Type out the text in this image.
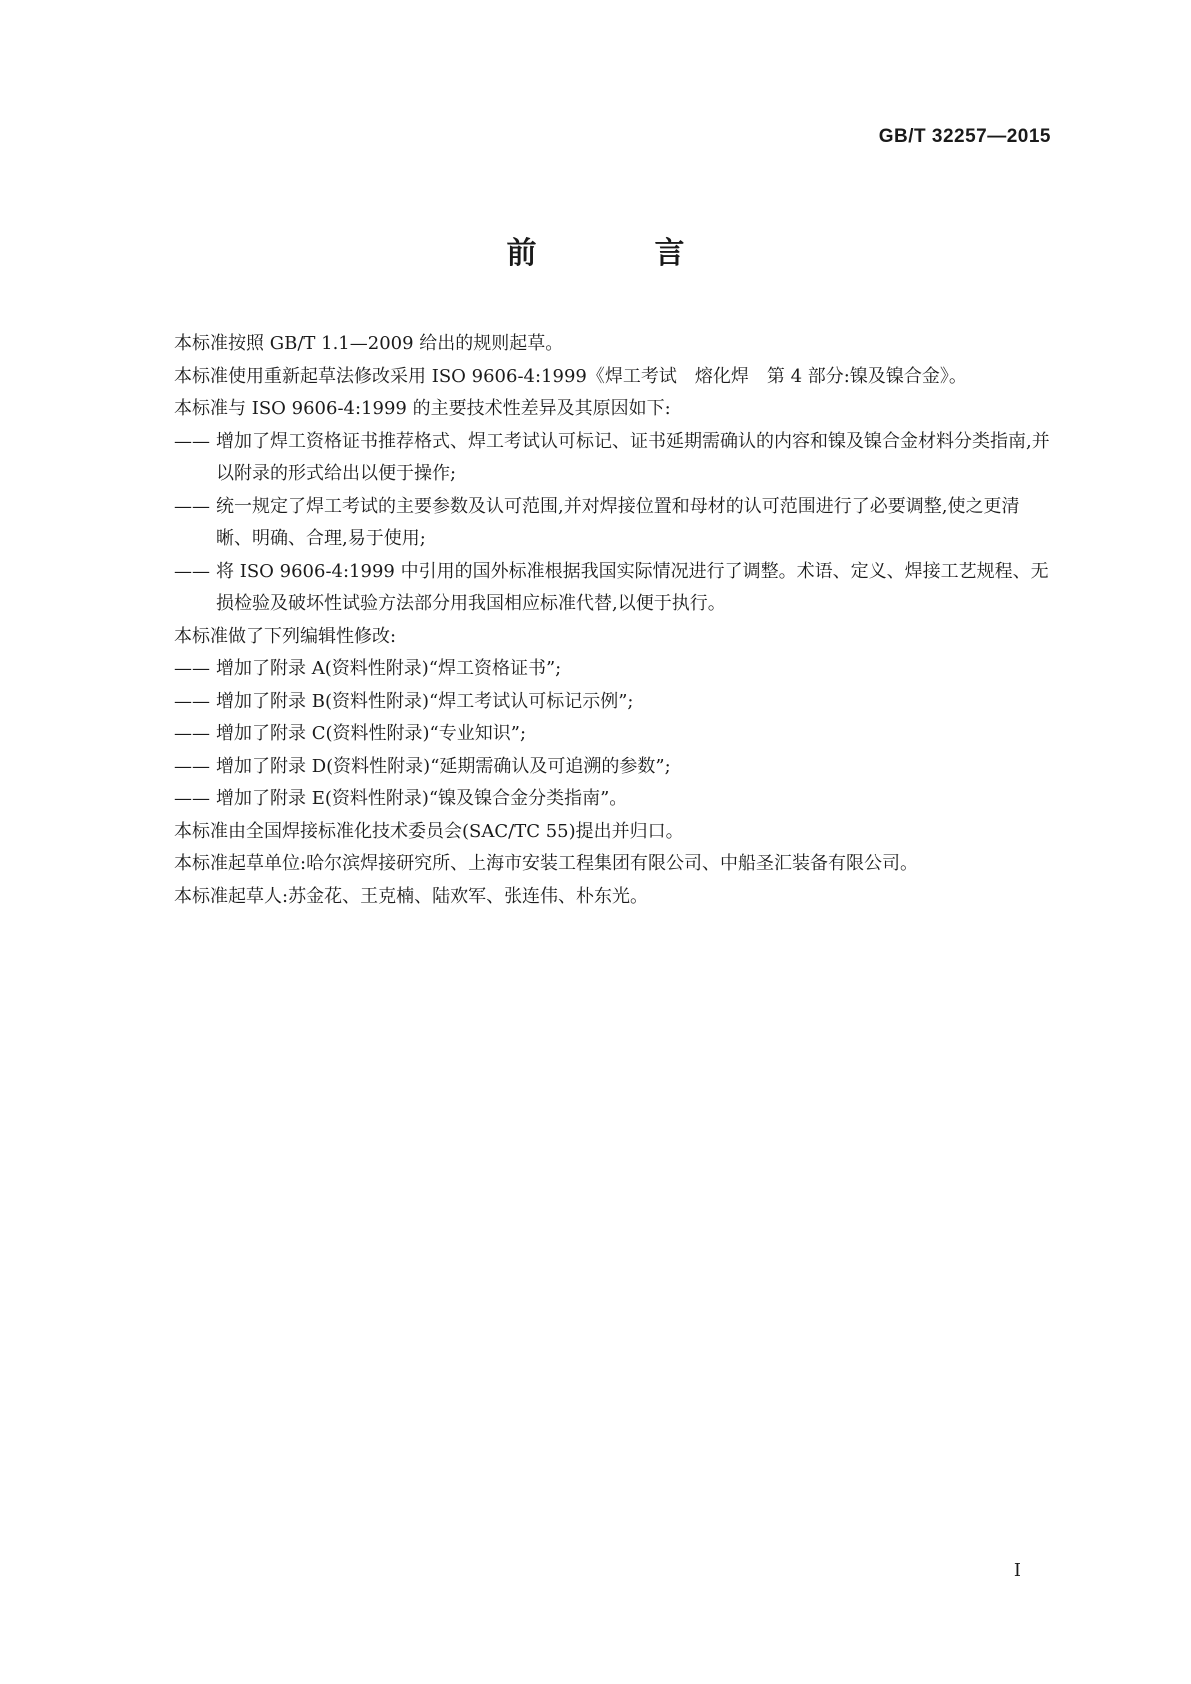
GB/T 32257—2015
前　言

本标准按照 GB/T 1.1—2009 给出的规则起草。

本标准使用重新起草法修改采用 ISO 9606-4:1999《焊工考试　熔化焊　第 4 部分:镍及镍合金》。

本标准与 ISO 9606-4:1999 的主要技术性差异及其原因如下:

—— 增加了焊工资格证书推荐格式、焊工考试认可标记、证书延期需确认的内容和镍及镍合金材料分类指南,并以附录的形式给出以便于操作;
—— 统一规定了焊工考试的主要参数及认可范围,并对焊接位置和母材的认可范围进行了必要调整,使之更清晰、明确、合理,易于使用;
—— 将 ISO 9606-4:1999 中引用的国外标准根据我国实际情况进行了调整。术语、定义、焊接工艺规程、无损检验及破坏性试验方法部分用我国相应标准代替,以便于执行。

本标准做了下列编辑性修改:

—— 增加了附录 A(资料性附录)“焊工资格证书”;
—— 增加了附录 B(资料性附录)“焊工考试认可标记示例”;
—— 增加了附录 C(资料性附录)“专业知识”;
—— 增加了附录 D(资料性附录)“延期需确认及可追溯的参数”;
—— 增加了附录 E(资料性附录)“镍及镍合金分类指南”。

本标准由全国焊接标准化技术委员会(SAC/TC 55)提出并归口。

本标准起草单位:哈尔滨焊接研究所、上海市安装工程集团有限公司、中船圣汇装备有限公司。

本标准起草人:苏金花、王克楠、陆欢军、张连伟、朴东光。

I
